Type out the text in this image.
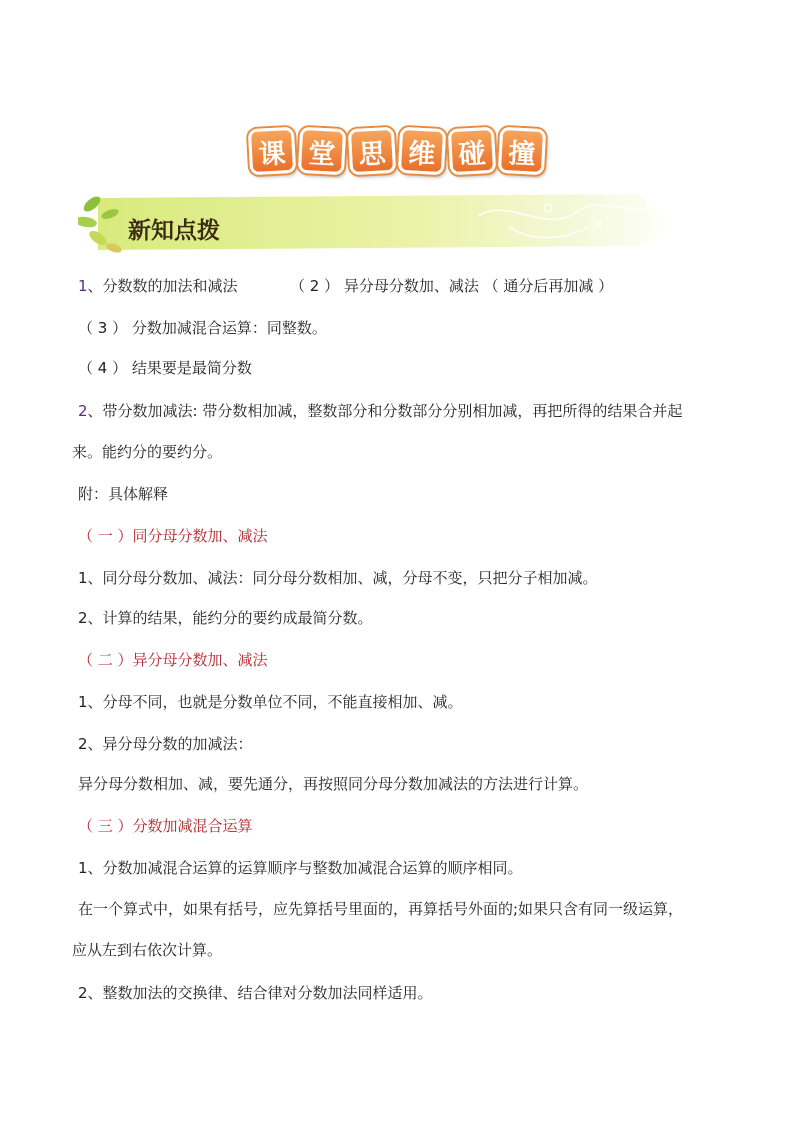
课 堂 思 维 碰 撞
新知点拨
1、分数数的加法和减法	（ 2 ） 异分母分数加、减法 （ 通分后再加减 ）
（ 3 ） 分数加减混合运算：同整数。
（ 4 ） 结果要是最简分数
2、带分数加减法: 带分数相加减，整数部分和分数部分分别相加减，再把所得的结果合并起
来。能约分的要约分。
附：具体解释
（ 一 ）同分母分数加、减法
1、同分母分数加、减法：同分母分数相加、减，分母不变，只把分子相加减。
2、计算的结果，能约分的要约成最简分数。
（ 二 ）异分母分数加、减法
1、分母不同，也就是分数单位不同，不能直接相加、减。
2、异分母分数的加减法：
异分母分数相加、减，要先通分，再按照同分母分数加减法的方法进行计算。
（ 三 ）分数加减混合运算
1、分数加减混合运算的运算顺序与整数加减混合运算的顺序相同。
在一个算式中，如果有括号，应先算括号里面的，再算括号外面的;如果只含有同一级运算，
应从左到右依次计算。
2、整数加法的交换律、结合律对分数加法同样适用。
